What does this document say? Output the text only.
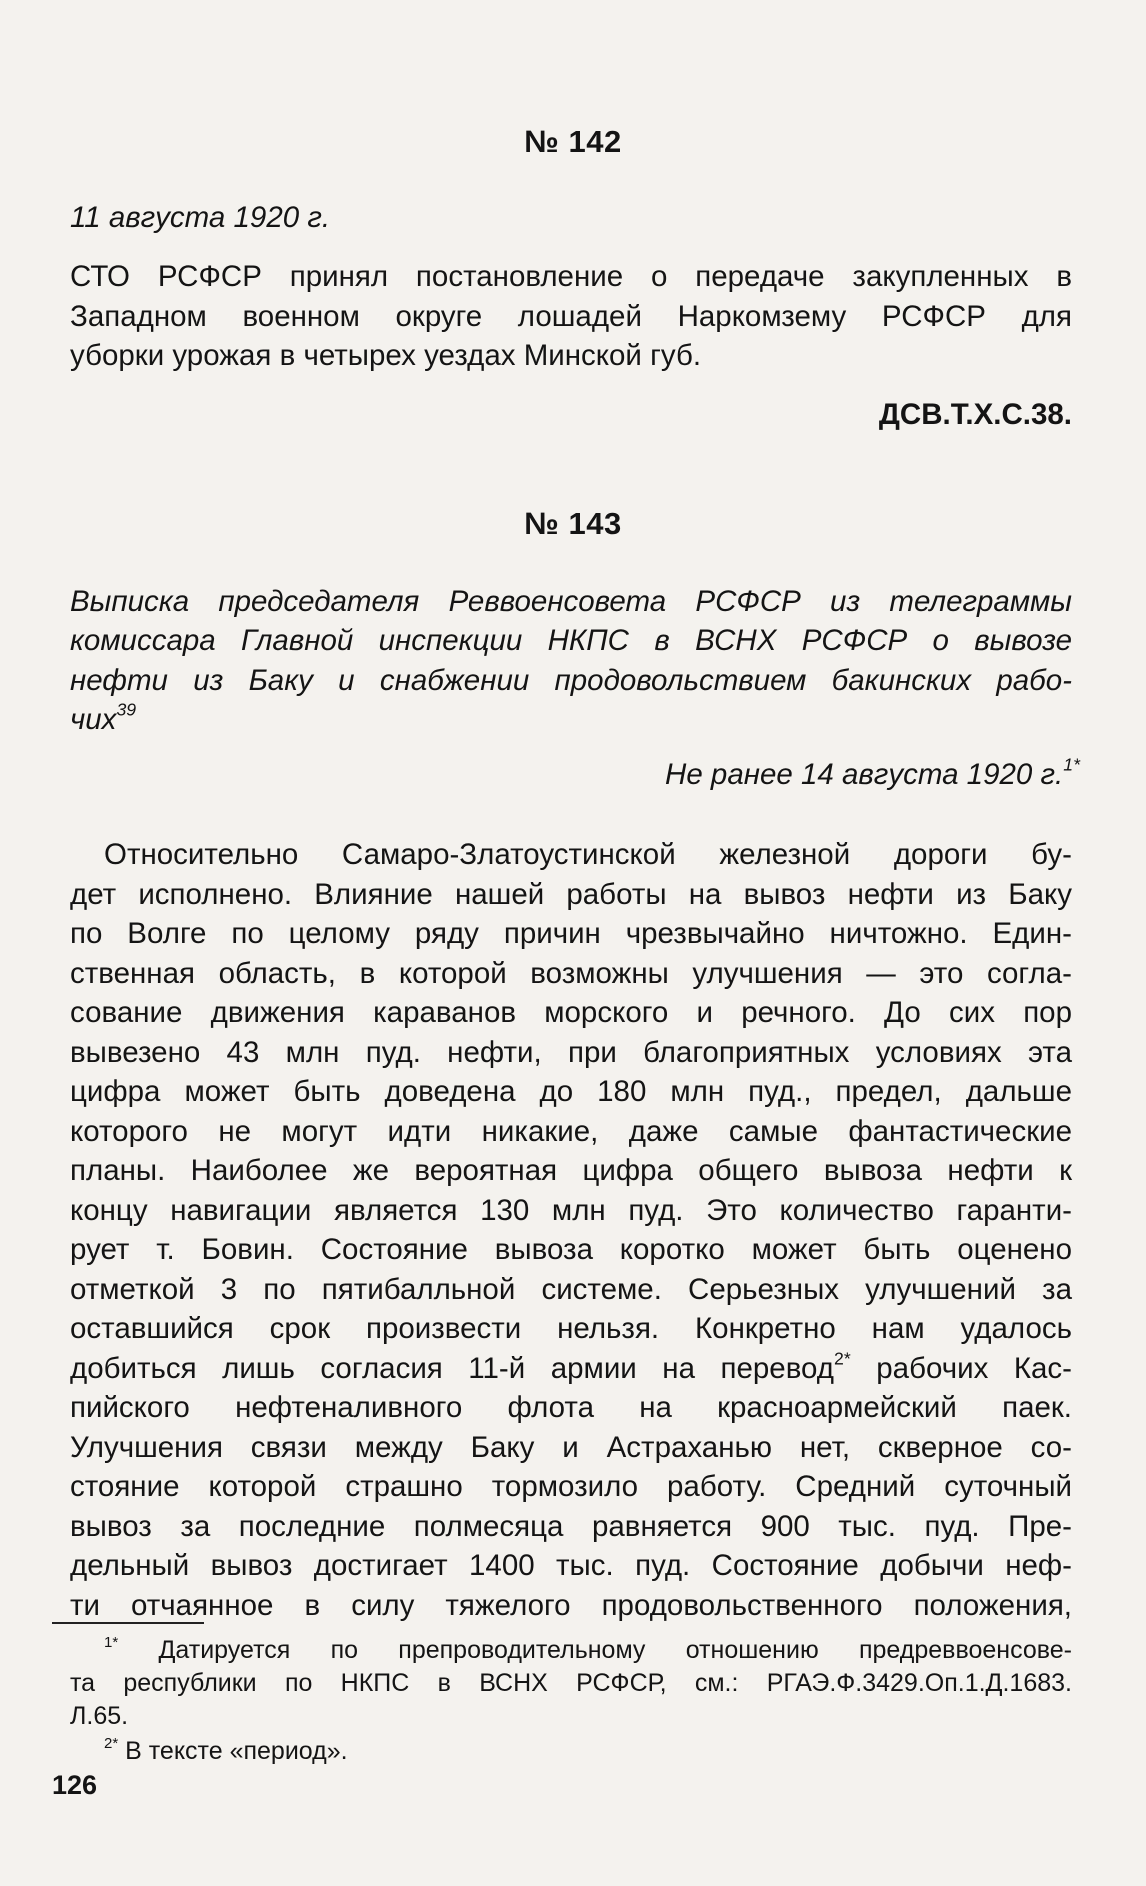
№ 142
11 августа 1920 г.
СТО РСФСР принял постановление о передаче закупленных в
Западном военном округе лошадей Наркомзему РСФСР для
уборки урожая в четырех уездах Минской губ.
ДСВ.Т.Х.С.38.
№ 143
Выписка председателя Реввоенсовета РСФСР из телеграммы
комиссара Главной инспекции НКПС в ВСНХ РСФСР о вывозе
нефти из Баку и снабжении продовольствием бакинских рабо-
чих$^{39}$
Не ранее 14 августа 1920 г.$^{1*}$
Относительно Самаро-Златоустинской железной дороги бу-
дет исполнено. Влияние нашей работы на вывоз нефти из Баку
по Волге по целому ряду причин чрезвычайно ничтожно. Един-
ственная область, в которой возможны улучшения — это согла-
сование движения караванов морского и речного. До сих пор
вывезено 43 млн пуд. нефти, при благоприятных условиях эта
цифра может быть доведена до 180 млн пуд., предел, дальше
которого не могут идти никакие, даже самые фантастические
планы. Наиболее же вероятная цифра общего вывоза нефти к
концу навигации является 130 млн пуд. Это количество гаранти-
рует т. Бовин. Состояние вывоза коротко может быть оценено
отметкой 3 по пятибалльной системе. Серьезных улучшений за
оставшийся срок произвести нельзя. Конкретно нам удалось
добиться лишь согласия 11-й армии на перевод$^{2*}$ рабочих Кас-
пийского нефтеналивного флота на красноармейский паек.
Улучшения связи между Баку и Астраханью нет, скверное со-
стояние которой страшно тормозило работу. Средний суточный
вывоз за последние полмесяца равняется 900 тыс. пуд. Пре-
дельный вывоз достигает 1400 тыс. пуд. Состояние добычи неф-
ти отчаянное в силу тяжелого продовольственного положения,
$^{1*}$ Датируется по препроводительному отношению предреввоенсове-
та республики по НКПС в ВСНХ РСФСР, см.: РГАЭ.Ф.3429.Оп.1.Д.1683.
Л.65.
$^{2*}$ В тексте «период».
126
